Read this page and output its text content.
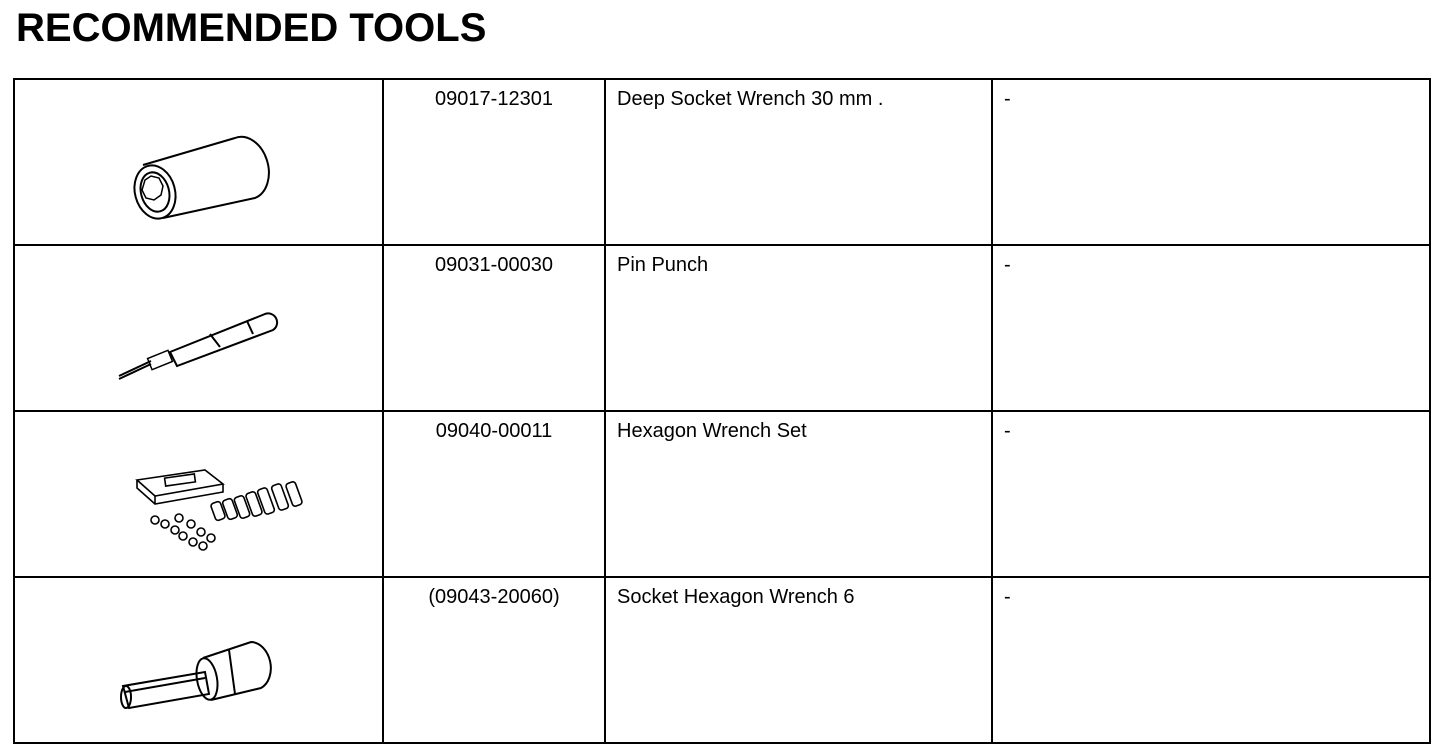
RECOMMENDED TOOLS
	09017-12301	Deep Socket Wrench 30 mm .	-

	09031-00030	Pin Punch	-

	09040-00011	Hexagon Wrench Set	-

	(09043-20060)	Socket Hexagon Wrench 6	-
